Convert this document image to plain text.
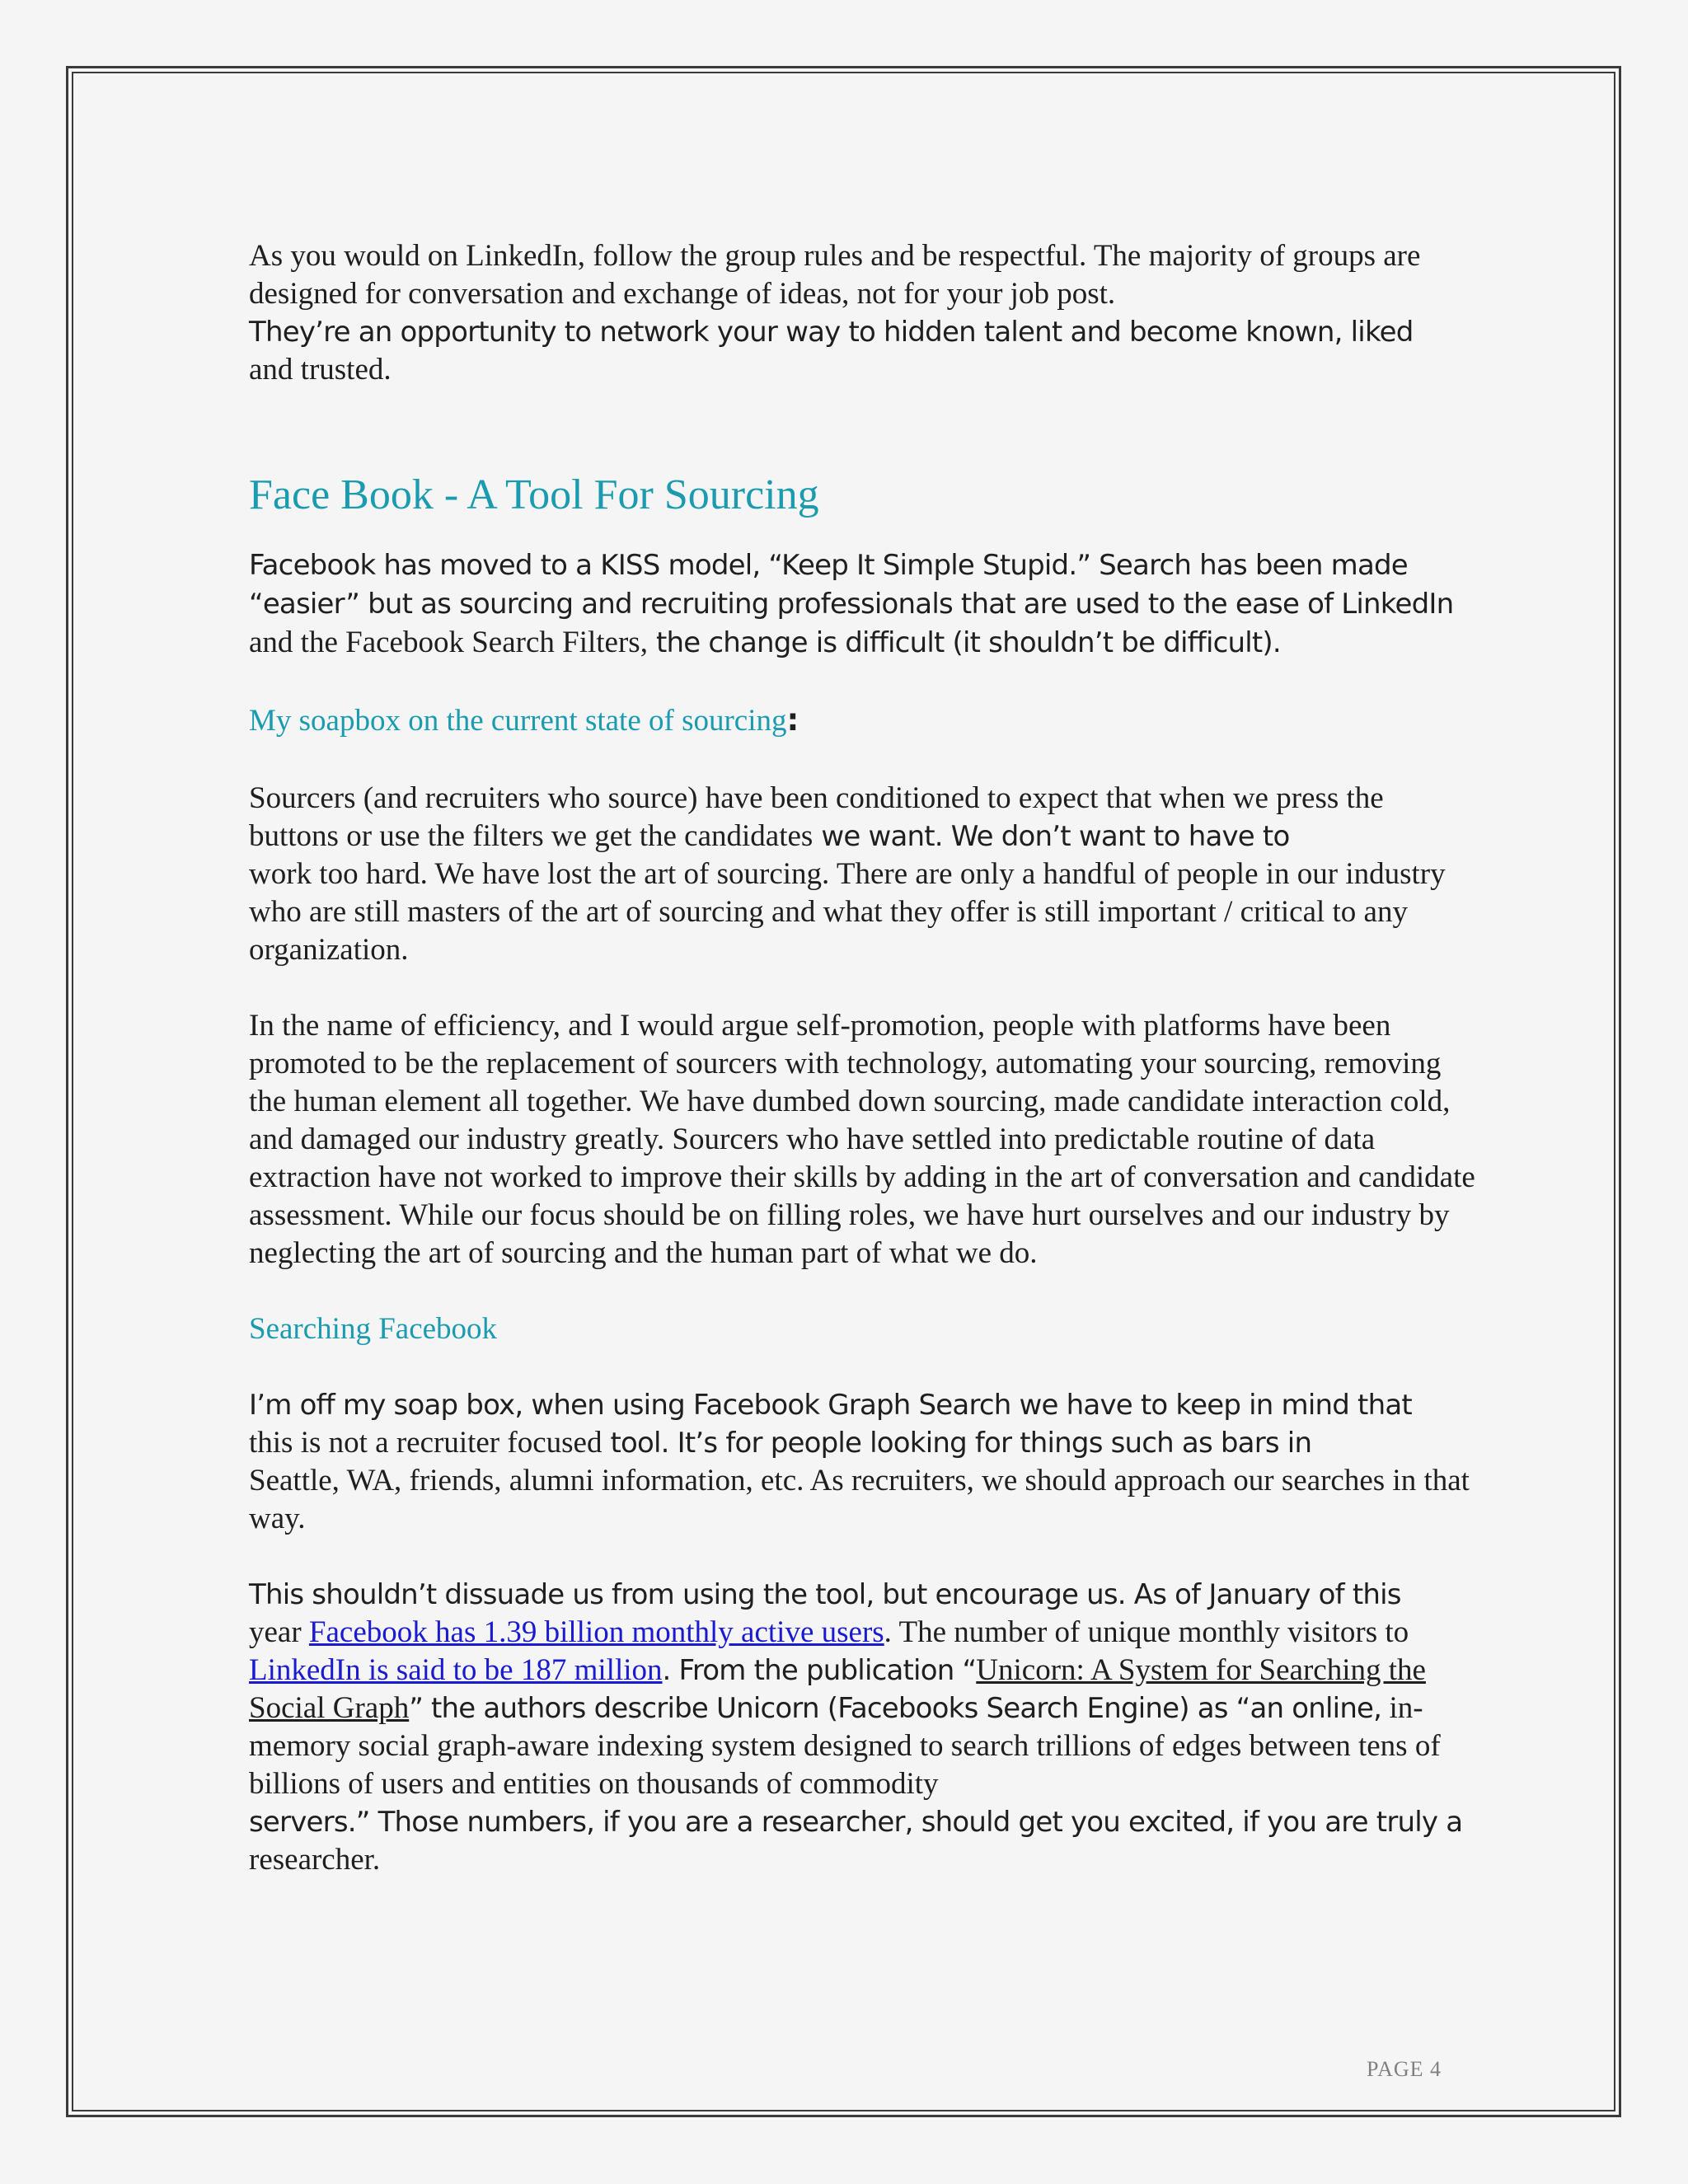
As you would on LinkedIn, follow the group rules and be respectful. The majority of groups are designed for conversation and exchange of ideas, not for your job post.
They’re an opportunity to network your way to hidden talent and become known, liked
and trusted.

Face Book - A Tool For Sourcing

Facebook has moved to a KISS model, “Keep It Simple Stupid.” Search has been made “easier” but as sourcing and recruiting professionals that are used to the ease of LinkedIn
and the Facebook Search Filters, the change is difficult (it shouldn’t be difficult).

My soapbox on the current state of sourcing:

Sourcers (and recruiters who source) have been conditioned to expect that when we press the buttons or use the filters we get the candidates we want. We don’t want to have to
work too hard. We have lost the art of sourcing. There are only a handful of people in our industry who are still masters of the art of sourcing and what they offer is still important / critical to any organization.

In the name of efficiency, and I would argue self-promotion, people with platforms have been promoted to be the replacement of sourcers with technology, automating your sourcing, removing the human element all together. We have dumbed down sourcing, made candidate interaction cold, and damaged our industry greatly. Sourcers who have settled into predictable routine of data extraction have not worked to improve their skills by adding in the art of conversation and candidate assessment. While our focus should be on filling roles, we have hurt ourselves and our industry by neglecting the art of sourcing and the human part of what we do.

Searching Facebook

I’m off my soap box, when using Facebook Graph Search we have to keep in mind that
this is not a recruiter focused tool. It’s for people looking for things such as bars in
Seattle, WA, friends, alumni information, etc. As recruiters, we should approach our searches in that way.

This shouldn’t dissuade us from using the tool, but encourage us. As of January of this
year Facebook has 1.39 billion monthly active users. The number of unique monthly visitors to LinkedIn is said to be 187 million. From the publication “Unicorn: A System for Searching the Social Graph” the authors describe Unicorn (Facebooks Search Engine) as “an online, in-memory social graph-aware indexing system designed to search trillions of edges between tens of billions of users and entities on thousands of commodity
servers.” Those numbers, if you are a researcher, should get you excited, if you are truly a
researcher.

PAGE 4
